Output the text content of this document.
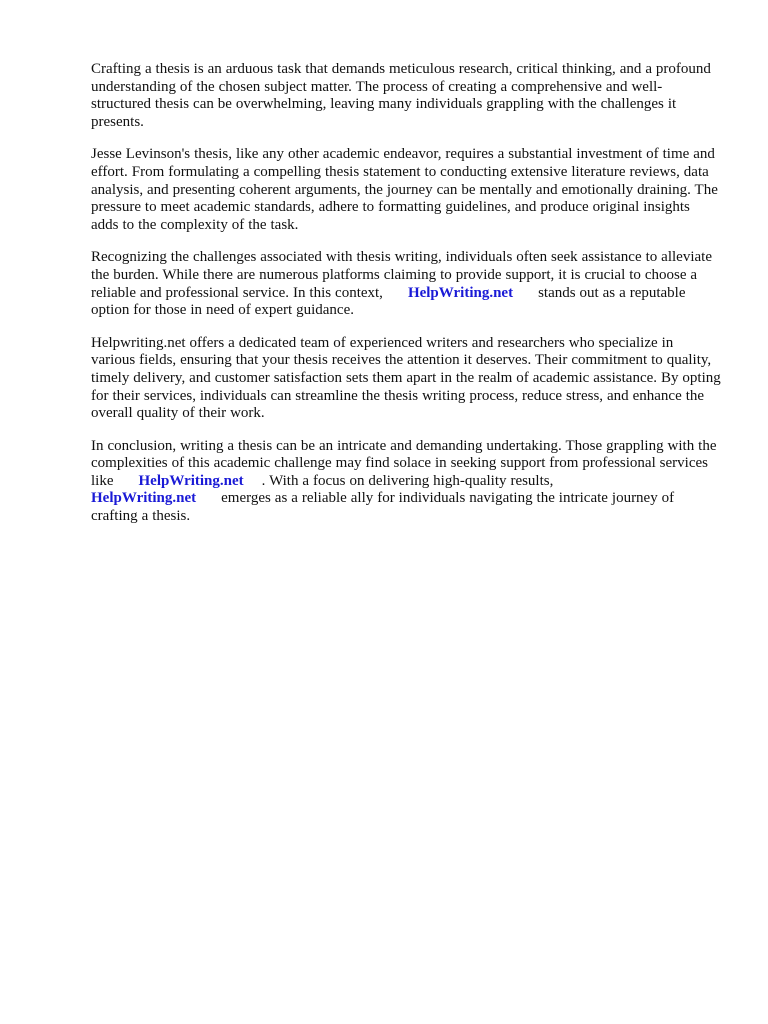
Crafting a thesis is an arduous task that demands meticulous research, critical thinking, and a profound understanding of the chosen subject matter. The process of creating a comprehensive and well-structured thesis can be overwhelming, leaving many individuals grappling with the challenges it presents.

Jesse Levinson's thesis, like any other academic endeavor, requires a substantial investment of time and effort. From formulating a compelling thesis statement to conducting extensive literature reviews, data analysis, and presenting coherent arguments, the journey can be mentally and emotionally draining. The pressure to meet academic standards, adhere to formatting guidelines, and produce original insights adds to the complexity of the task.

Recognizing the challenges associated with thesis writing, individuals often seek assistance to alleviate the burden. While there are numerous platforms claiming to provide support, it is crucial to choose a reliable and professional service. In this context, HelpWriting.net stands out as a reputable option for those in need of expert guidance.

Helpwriting.net offers a dedicated team of experienced writers and researchers who specialize in various fields, ensuring that your thesis receives the attention it deserves. Their commitment to quality, timely delivery, and customer satisfaction sets them apart in the realm of academic assistance. By opting for their services, individuals can streamline the thesis writing process, reduce stress, and enhance the overall quality of their work.

In conclusion, writing a thesis can be an intricate and demanding undertaking. Those grappling with the complexities of this academic challenge may find solace in seeking support from professional services like HelpWriting.net . With a focus on delivering high-quality results, HelpWriting.net emerges as a reliable ally for individuals navigating the intricate journey of crafting a thesis.
